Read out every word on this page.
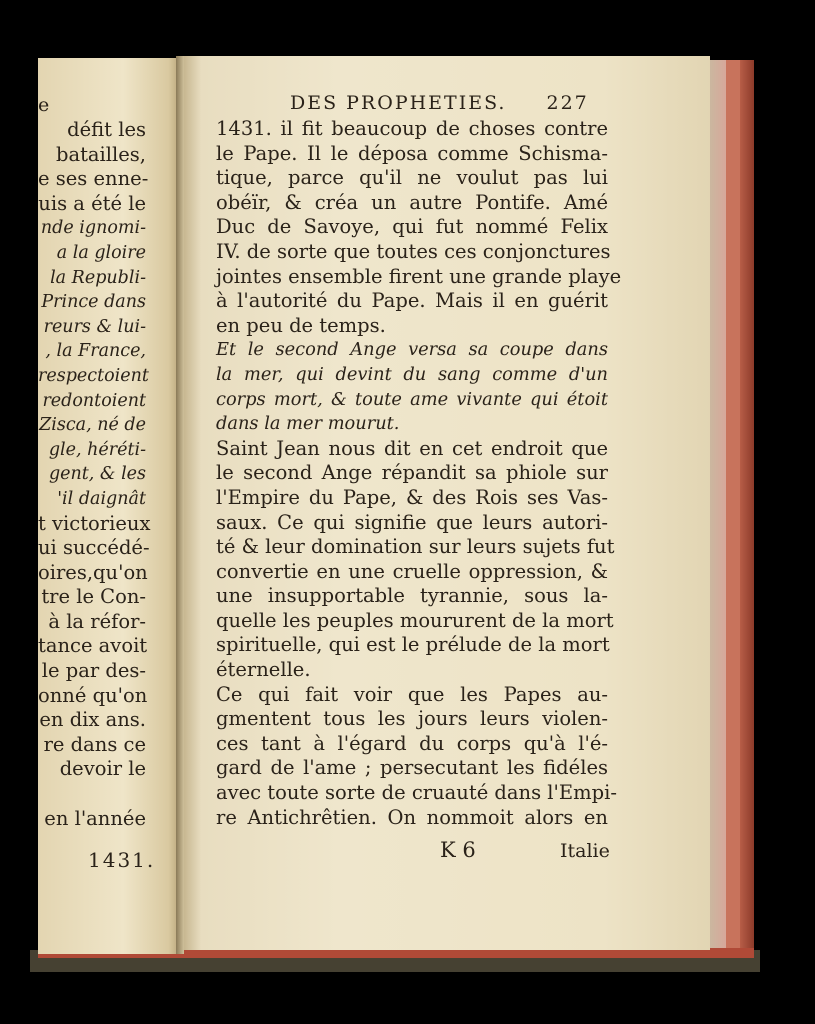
e
défit les
batailles,
e ses enne-
uis a été le
nde ignomi-
a la gloire
la Republi-
Prince dans
reurs & lui-
, la France,
respectoient
redontoient
Zisca, né de
gle, héréti-
gent, & les
'il daignât
t victorieux
ui succédé-
oires,qu'on
tre le Con-
à la réfor-
tance avoit
le par des-
onné qu'on
en dix ans.
re dans ce
devoir le

en l'année
1431.
DES PROPHETIES. 227
1431. il fit beaucoup de choses contre
le Pape. Il le déposa comme Schisma-
tique, parce qu'il ne voulut pas lui
obéïr, & créa un autre Pontife. Amé
Duc de Savoye, qui fut nommé Felix
IV. de sorte que toutes ces conjonctures
jointes ensemble firent une grande playe
à l'autorité du Pape. Mais il en guérit
en peu de temps.
Et le second Ange versa sa coupe dans
la mer, qui devint du sang comme d'un
corps mort, & toute ame vivante qui étoit
dans la mer mourut.
Saint Jean nous dit en cet endroit que
le second Ange répandit sa phiole sur
l'Empire du Pape, & des Rois ses Vas-
saux. Ce qui signifie que leurs autori-
té & leur domination sur leurs sujets fut
convertie en une cruelle oppression, &
une insupportable tyrannie, sous la-
quelle les peuples moururent de la mort
spirituelle, qui est le prélude de la mort
éternelle.
Ce qui fait voir que les Papes au-
gmentent tous les jours leurs violen-
ces tant à l'égard du corps qu'à l'é-
gard de l'ame ; persecutant les fidéles
avec toute sorte de cruauté dans l'Empi-
re Antichrêtien. On nommoit alors en
K 6	Italie
